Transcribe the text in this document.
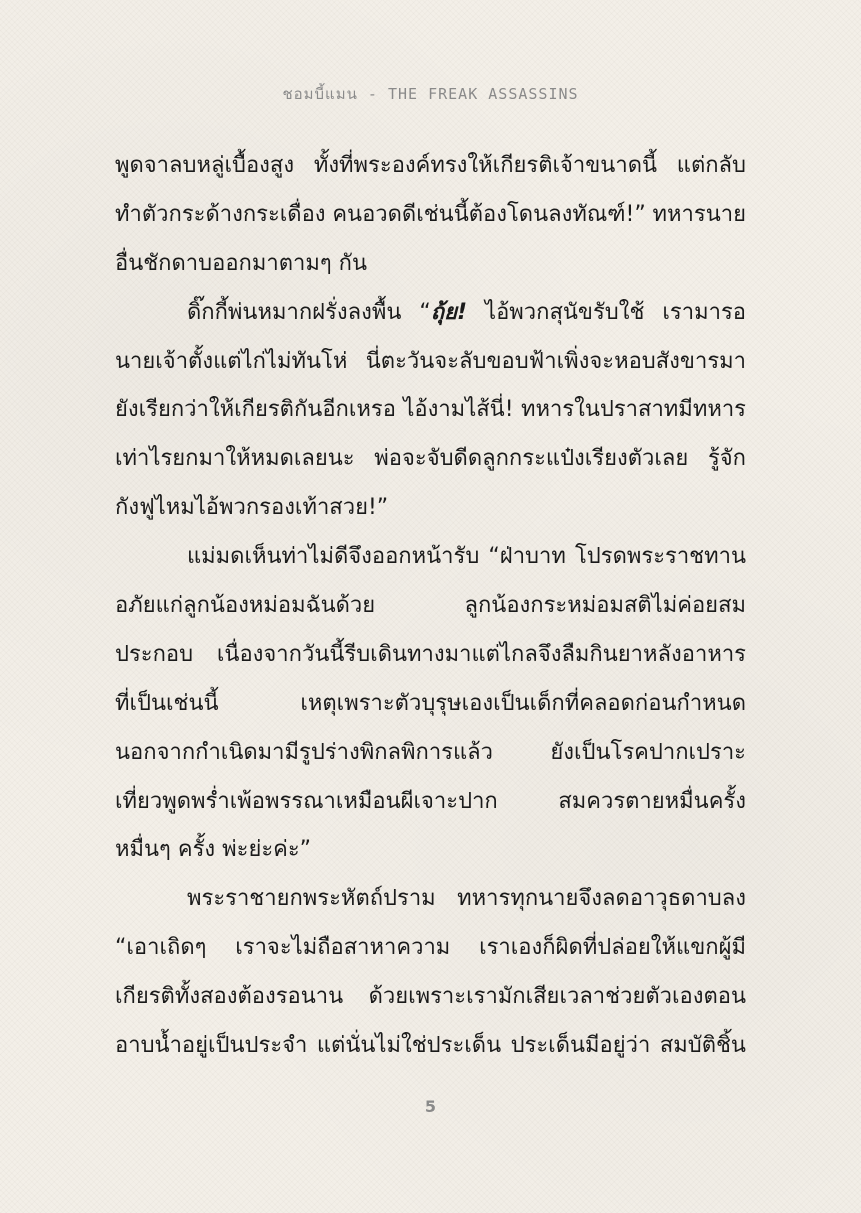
ชอมบี้แมน - THE FREAK ASSASSINS
พูดจาลบหลู่เบื้องสูง ทั้งที่พระองค์ทรงให้เกียรติเจ้าขนาดนี้ แต่กลับ
ทำตัวกระด้างกระเดื่อง คนอวดดีเช่นนี้ต้องโดนลงทัณฑ์!” ทหารนาย
อื่นชักดาบออกมาตามๆ กัน
ดิ๊กกี้พ่นหมากฝรั่งลงพื้น “ถุ้ย! ไอ้พวกสุนัขรับใช้ เรามารอ
นายเจ้าตั้งแต่ไก่ไม่ทันโห่ นี่ตะวันจะลับขอบฟ้าเพิ่งจะหอบสังขารมา
ยังเรียกว่าให้เกียรติกันอีกเหรอ ไอ้งามไส้นี่! ทหารในปราสาทมีทหาร
เท่าไรยกมาให้หมดเลยนะ พ่อจะจับดีดลูกกระแป๋งเรียงตัวเลย รู้จัก
กังฟูไหมไอ้พวกรองเท้าสวย!”
แม่มดเห็นท่าไม่ดีจึงออกหน้ารับ “ฝ่าบาท โปรดพระราชทาน
อภัยแก่ลูกน้องหม่อมฉันด้วย	ลูกน้องกระหม่อมสติไม่ค่อยสม
ประกอบ เนื่องจากวันนี้รีบเดินทางมาแต่ไกลจึงลืมกินยาหลังอาหาร
ที่เป็นเช่นนี้	เหตุเพราะตัวบุรุษเองเป็นเด็กที่คลอดก่อนกำหนด
นอกจากกำเนิดมามีรูปร่างพิกลพิการแล้ว	ยังเป็นโรคปากเปราะ
เที่ยวพูดพร่ำเพ้อพรรณาเหมือนผีเจาะปาก	สมควรตายหมื่นครั้ง
หมื่นๆ ครั้ง พ่ะย่ะค่ะ”
พระราชายกพระหัตถ์ปราม ทหารทุกนายจึงลดอาวุธดาบลง
“เอาเถิดๆ เราจะไม่ถือสาหาความ เราเองก็ผิดที่ปล่อยให้แขกผู้มี
เกียรติทั้งสองต้องรอนาน ด้วยเพราะเรามักเสียเวลาช่วยตัวเองตอน
อาบน้ำอยู่เป็นประจำ แต่นั่นไม่ใช่ประเด็น ประเด็นมีอยู่ว่า สมบัติชิ้น
5
